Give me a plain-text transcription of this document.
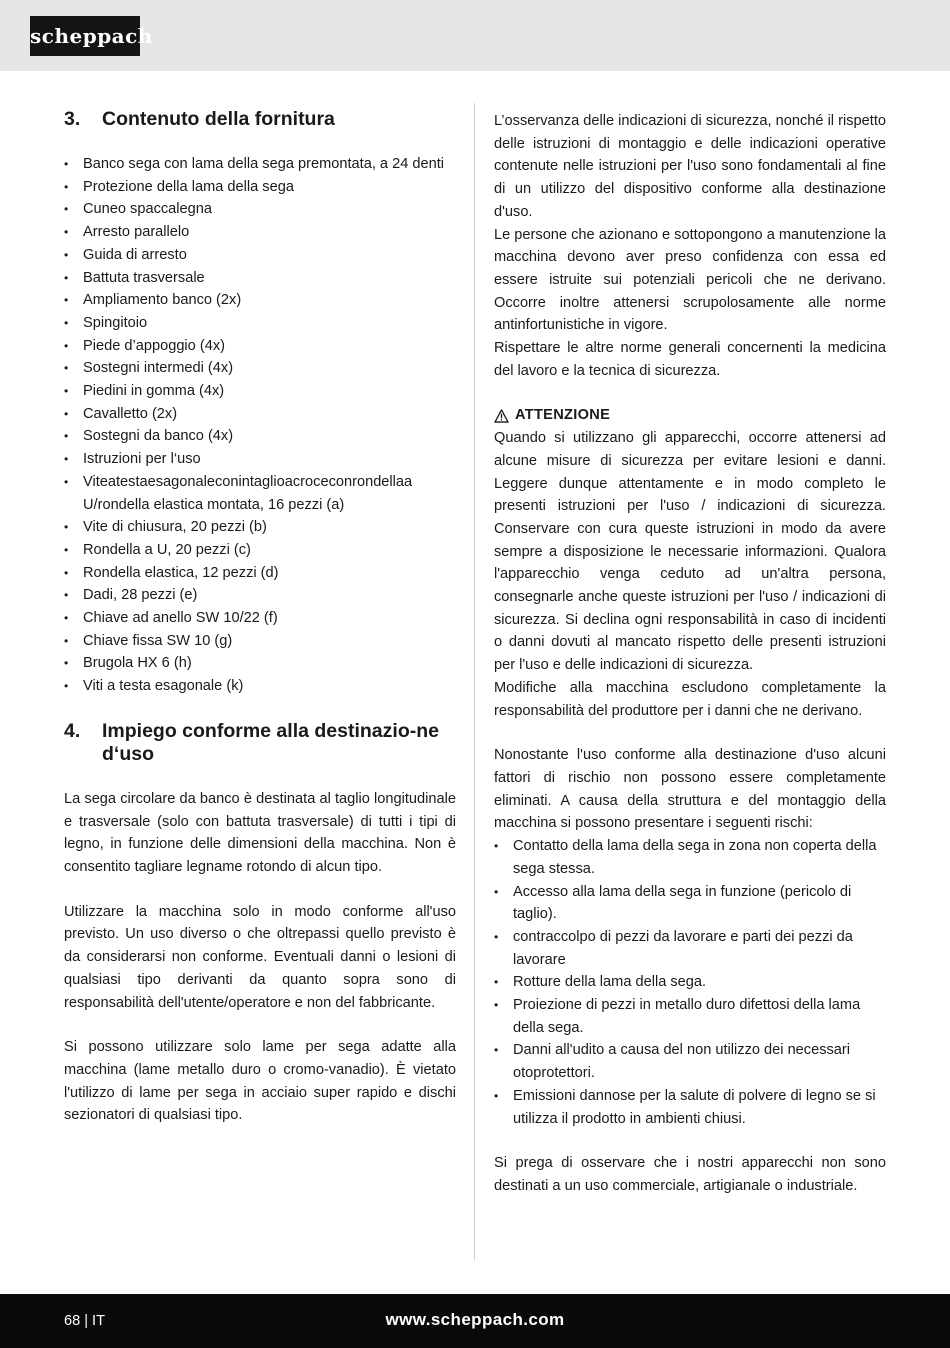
scheppach
3.	Contenuto della fornitura
• Banco sega con lama della sega premontata, a 24 denti
• Protezione della lama della sega
• Cuneo spaccalegna
• Arresto parallelo
• Guida di arresto
• Battuta trasversale
• Ampliamento banco (2x)
• Spingitoio
• Piede d’appoggio (4x)
• Sostegni intermedi (4x)
• Piedini in gomma (4x)
• Cavalletto (2x)
• Sostegni da banco (4x)
• Istruzioni per l‘uso
• Viteatestaesagonaleconintaglioacroceconrondellaa U/rondella elastica montata, 16 pezzi (a)
• Vite di chiusura, 20 pezzi (b)
• Rondella a U, 20 pezzi (c)
• Rondella elastica, 12 pezzi (d)
• Dadi, 28 pezzi (e)
• Chiave ad anello SW 10/22 (f)
• Chiave fissa SW 10 (g)
• Brugola HX 6 (h)
• Viti a testa esagonale (k)
4.	Impiego conforme alla destinazio-ne d‘uso

La sega circolare da banco è destinata al taglio longitudinale e trasversale (solo con battuta trasversale) di tutti i tipi di legno, in funzione delle dimensioni della macchina. Non è consentito tagliare legname rotondo di alcun tipo.

Utilizzare la macchina solo in modo conforme all'uso previsto. Un uso diverso o che oltrepassi quello previsto è da considerarsi non conforme. Eventuali danni o lesioni di qualsiasi tipo derivanti da quanto sopra sono di responsabilità dell'utente/operatore e non del fabbricante.

Si possono utilizzare solo lame per sega adatte alla macchina (lame metallo duro o cromo-vanadio). È vietato l'utilizzo di lame per sega in acciaio super rapido e dischi sezionatori di qualsiasi tipo.

L’osservanza delle indicazioni di sicurezza, nonché il rispetto delle istruzioni di montaggio e delle indicazioni operative contenute nelle istruzioni per l'uso sono fondamentali al fine di un utilizzo del dispositivo conforme alla destinazione d'uso.

Le persone che azionano e sottopongono a manutenzione la macchina devono aver preso confidenza con essa ed essere istruite sui potenziali pericoli che ne derivano. Occorre inoltre attenersi scrupolosamente alle norme antinfortunistiche in vigore.

Rispettare le altre norme generali concernenti la medicina del lavoro e la tecnica di sicurezza.

ATTENZIONE

Quando si utilizzano gli apparecchi, occorre attenersi ad alcune misure di sicurezza per evitare lesioni e danni. Leggere dunque attentamente e in modo completo le presenti istruzioni per l'uso / indicazioni di sicurezza. Conservare con cura queste istruzioni in modo da avere sempre a disposizione le necessarie informazioni. Qualora l'apparecchio venga ceduto ad un'altra persona, consegnarle anche queste istruzioni per l'uso / indicazioni di sicurezza. Si declina ogni responsabilità in caso di incidenti o danni dovuti al mancato rispetto delle presenti istruzioni per l'uso e delle indicazioni di sicurezza.

Modifiche alla macchina escludono completamente la responsabilità del produttore per i danni che ne derivano.

Nonostante l'uso conforme alla destinazione d'uso alcuni fattori di rischio non possono essere completamente eliminati. A causa della struttura e del montaggio della macchina si possono presentare i seguenti rischi:

• Contatto della lama della sega in zona non coperta della sega stessa.
• Accesso alla lama della sega in funzione (pericolo di taglio).
• contraccolpo di pezzi da lavorare e parti dei pezzi da lavorare
• Rotture della lama della sega.
• Proiezione di pezzi in metallo duro difettosi della lama della sega.
• Danni all'udito a causa del non utilizzo dei necessari otoprotettori.
• Emissioni dannose per la salute di polvere di legno se si utilizza il prodotto in ambienti chiusi.

Si prega di osservare che i nostri apparecchi non sono destinati a un uso commerciale, artigianale o industriale.

68 | IT	www.scheppach.com
